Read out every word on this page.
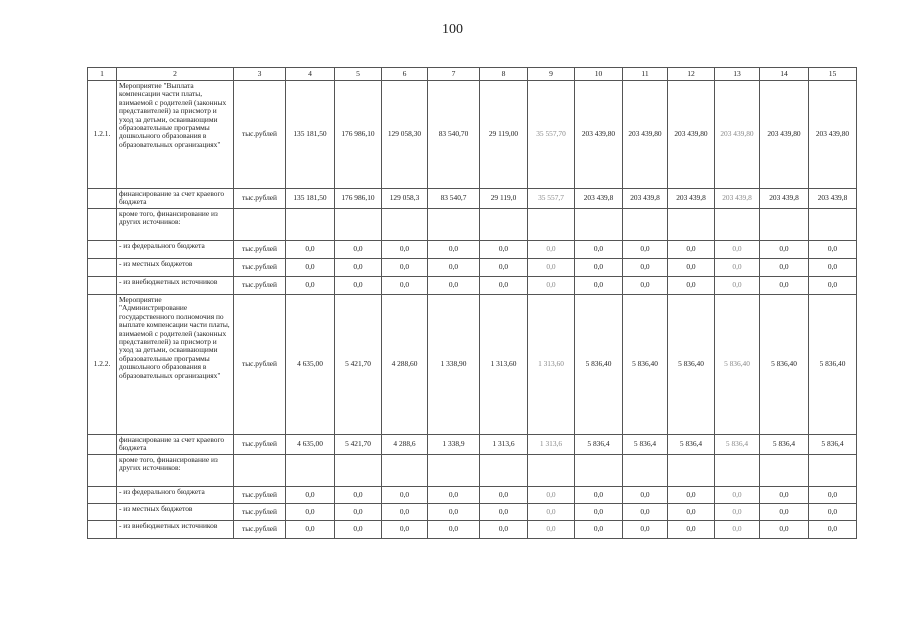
100
1	2	3	4	5	6	7	8	9	10	11	12	13	14	15
1.2.1.	Мероприятие "Выплата компенсации части платы, взимаемой с родителей (законных представителей) за присмотр и уход за детьми, осваивающими образовательные программы дошкольного образования в образовательных организациях"	тыс.рублей	135 181,50	176 986,10	129 058,30	83 540,70	29 119,00	35 557,70	203 439,80	203 439,80	203 439,80	203 439,80	203 439,80	203 439,80
	финансирование за счет краевого бюджета	тыс.рублей	135 181,50	176 986,10	129 058,3	83 540,7	29 119,0	35 557,7	203 439,8	203 439,8	203 439,8	203 439,8	203 439,8	203 439,8
	кроме того, финансирование из других источников:													
	- из федерального бюджета	тыс.рублей	0,0	0,0	0,0	0,0	0,0	0,0	0,0	0,0	0,0	0,0	0,0	0,0
	- из местных бюджетов	тыс.рублей	0,0	0,0	0,0	0,0	0,0	0,0	0,0	0,0	0,0	0,0	0,0	0,0
	- из внебюджетных источников	тыс.рублей	0,0	0,0	0,0	0,0	0,0	0,0	0,0	0,0	0,0	0,0	0,0	0,0
1.2.2.	Мероприятие "Администрирование государственного полномочия по выплате компенсации части платы, взимаемой с родителей (законных представителей) за присмотр и уход за детьми, осваивающими образовательные программы дошкольного образования в образовательных организациях"	тыс.рублей	4 635,00	5 421,70	4 288,60	1 338,90	1 313,60	1 313,60	5 836,40	5 836,40	5 836,40	5 836,40	5 836,40	5 836,40
	финансирование за счет краевого бюджета	тыс.рублей	4 635,00	5 421,70	4 288,6	1 338,9	1 313,6	1 313,6	5 836,4	5 836,4	5 836,4	5 836,4	5 836,4	5 836,4
	кроме того, финансирование из других источников:													
	- из федерального бюджета	тыс.рублей	0,0	0,0	0,0	0,0	0,0	0,0	0,0	0,0	0,0	0,0	0,0	0,0
	- из местных бюджетов	тыс.рублей	0,0	0,0	0,0	0,0	0,0	0,0	0,0	0,0	0,0	0,0	0,0	0,0
	- из внебюджетных источников	тыс.рублей	0,0	0,0	0,0	0,0	0,0	0,0	0,0	0,0	0,0	0,0	0,0	0,0
